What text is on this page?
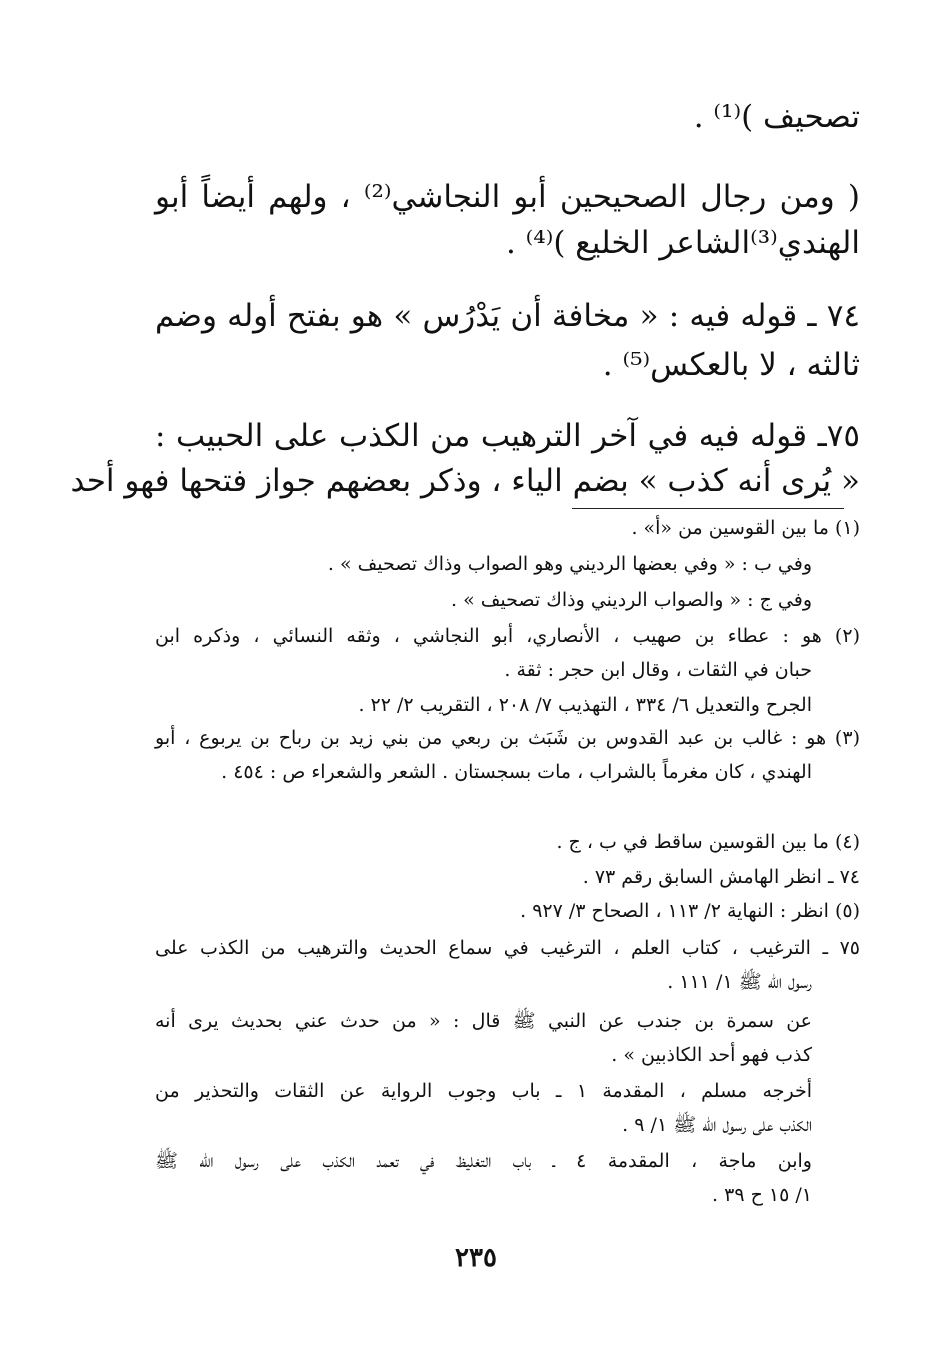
تصحيف )⁽¹⁾ .
( ومن رجال الصحيحين أبو النجاشي⁽²⁾ ، ولهم أيضاً أبو
الهندي⁽³⁾الشاعر الخليع )⁽⁴⁾ .
٧٤ ـ قوله فيه : « مخافة أن يَدْرُس » هو بفتح أوله وضم
ثالثه ، لا بالعكس⁽⁵⁾ .
٧٥ـ قوله فيه في آخر الترهيب من الكذب على الحبيب :
« يُرى أنه كذب » بضم الياء ، وذكر بعضهم جواز فتحها فهو أحد
(١) ما بين القوسين من «أ» .
وفي ب : « وفي بعضها الرديني وهو الصواب وذاك تصحيف » .
وفي ج : « والصواب الرديني وذاك تصحيف » .
(٢) هو : عطاء بن صهيب ، الأنصاري، أبو النجاشي ، وثقه النسائي ، وذكره ابن
حبان في الثقات ، وقال ابن حجر : ثقة .
الجرح والتعديل ٦/ ٣٣٤ ، التهذيب ٧/ ٢٠٨ ، التقريب ٢/ ٢٢ .
(٣) هو : غالب بن عبد القدوس بن شَبَث بن ربعي من بني زيد بن رباح بن يربوع ، أبو
الهندي ، كان مغرماً بالشراب ، مات بسجستان . الشعر والشعراء ص : ٤٥٤ .
(٤) ما بين القوسين ساقط في ب ، ج .
٧٤ ـ انظر الهامش السابق رقم ٧٣ .
(٥) انظر : النهاية ٢/ ١١٣ ، الصحاح ٣/ ٩٢٧ .
٧٥ ـ الترغيب ، كتاب العلم ، الترغيب في سماع الحديث والترهيب من الكذب على
رسول الله ﷺ ١/ ١١١ .
عن سمرة بن جندب عن النبي ﷺ قال : « من حدث عني بحديث يرى أنه
كذب فهو أحد الكاذبين » .
أخرجه مسلم ، المقدمة ١ ـ باب وجوب الرواية عن الثقات والتحذير من
الكذب على رسول الله ﷺ ١/ ٩ .
وابن ماجة ، المقدمة ٤ ـ باب التغليظ في تعمد الكذب على رسول الله ﷺ
١/ ١٥ ح ٣٩ .
٢٣٥
